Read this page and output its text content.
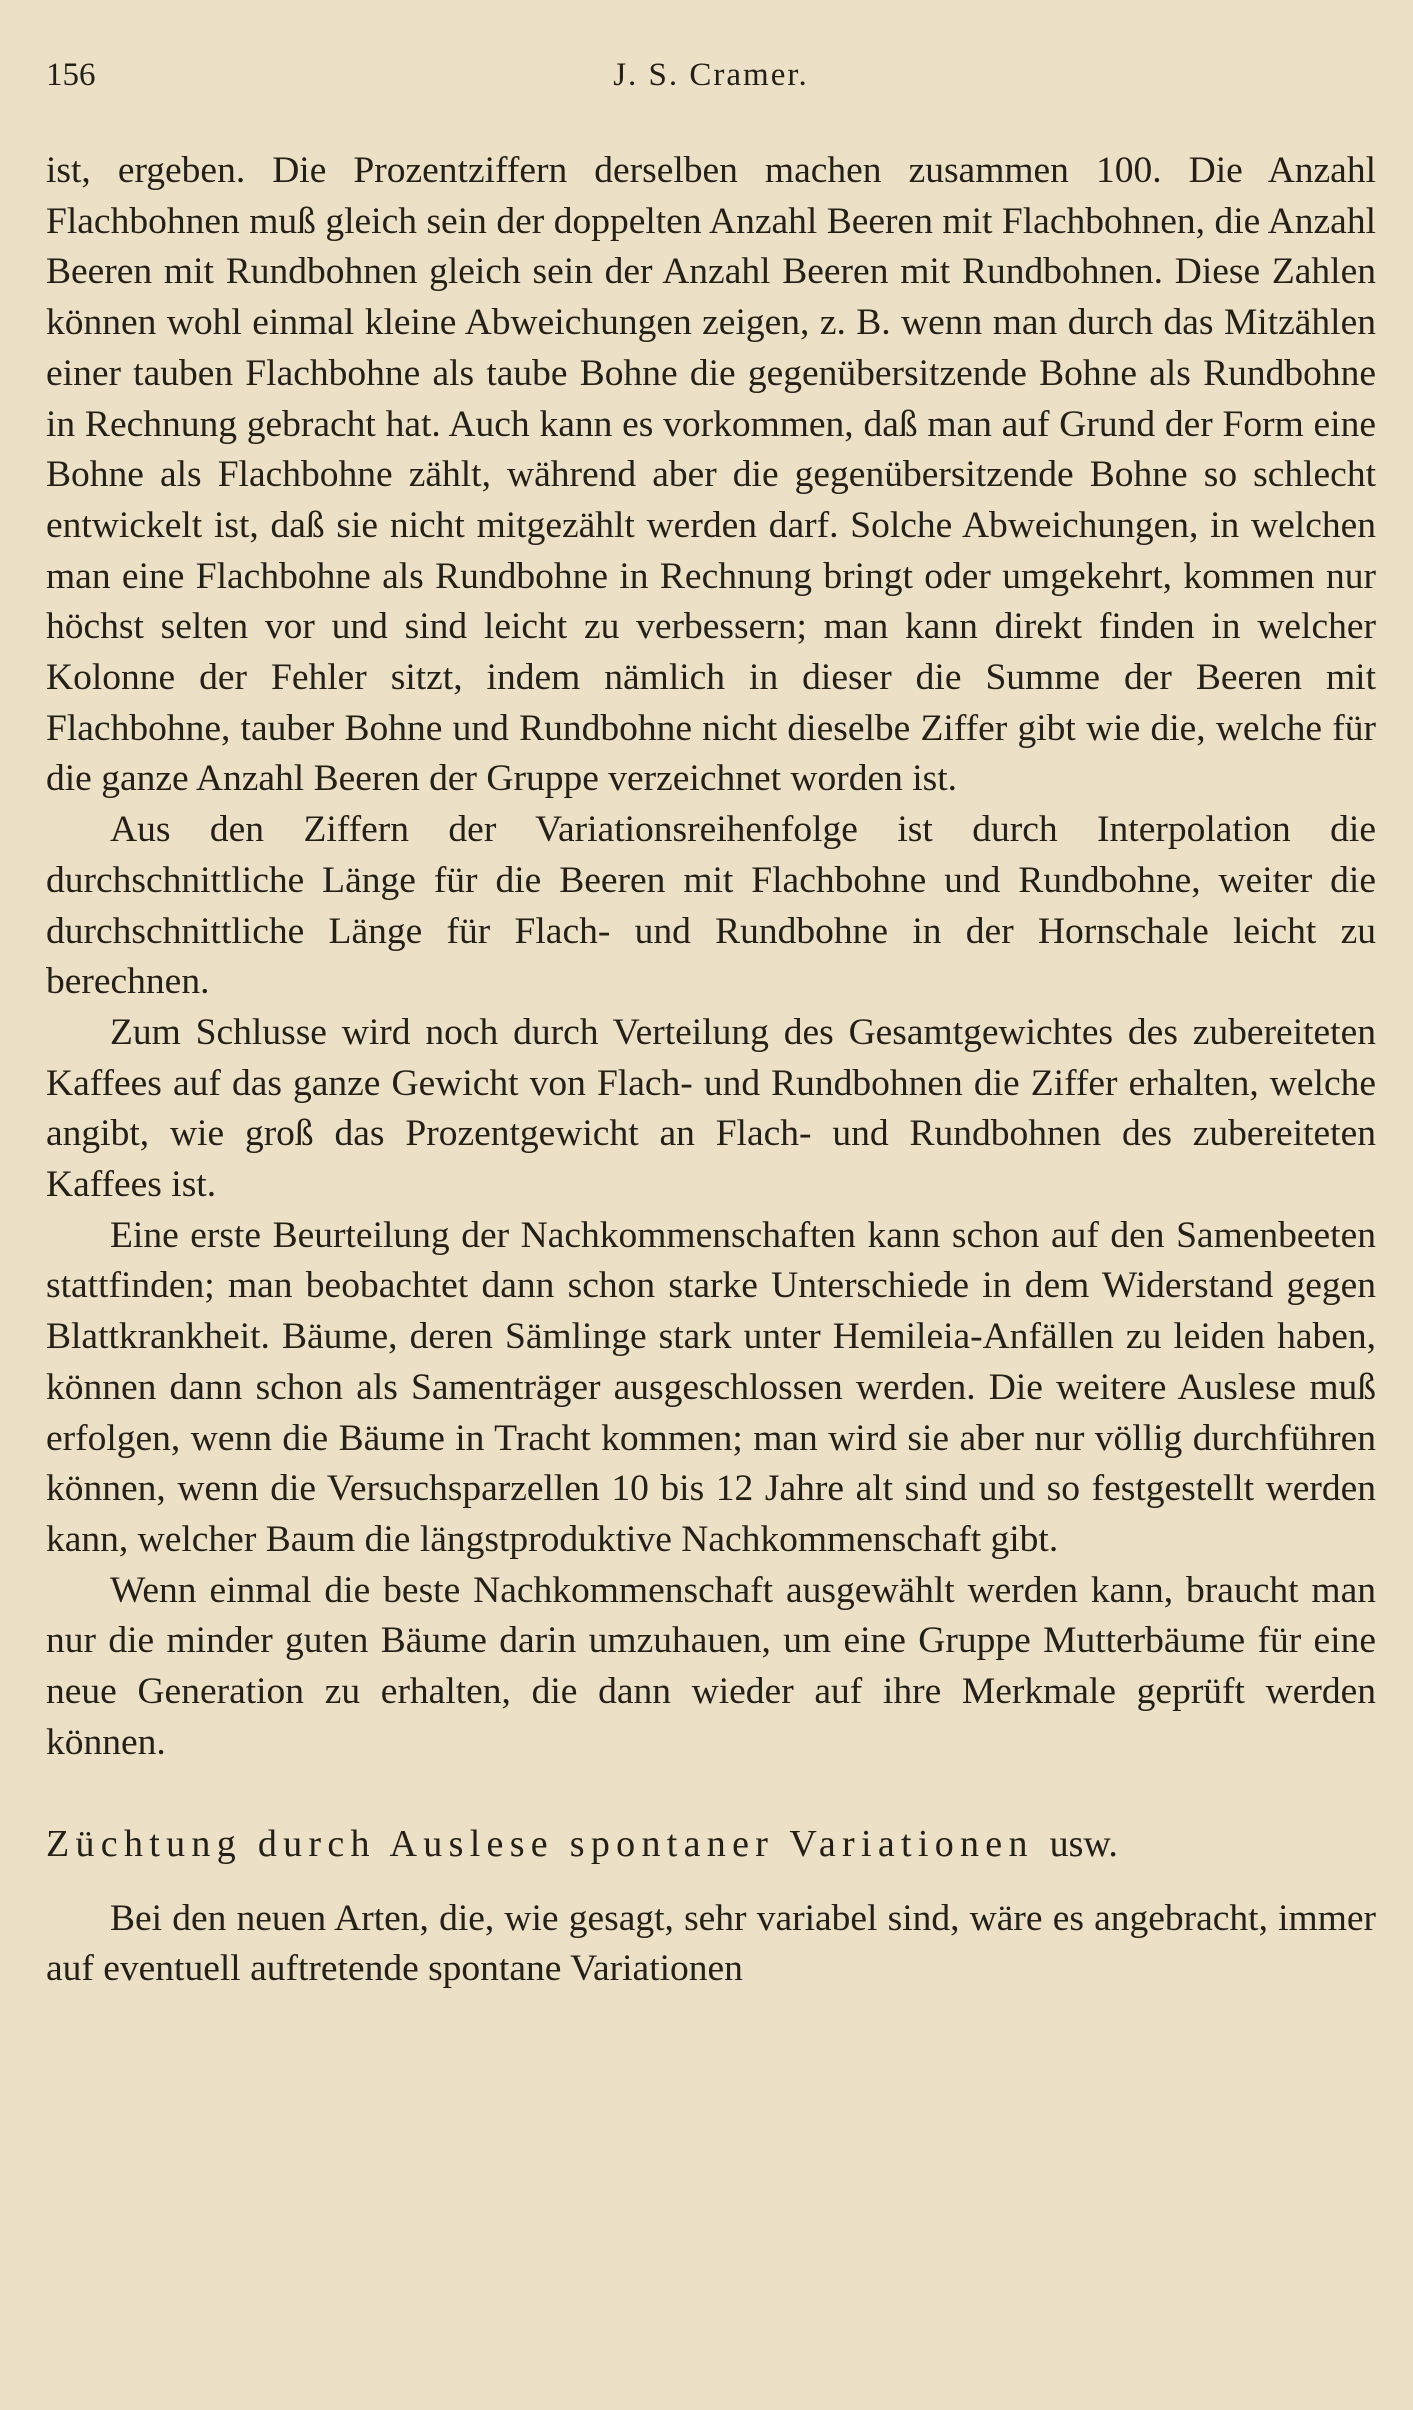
156	J. S. Cramer.

ist, ergeben. Die Prozentziffern derselben machen zusammen 100. Die Anzahl Flachbohnen muß gleich sein der doppelten Anzahl Beeren mit Flachbohnen, die Anzahl Beeren mit Rundbohnen gleich sein der Anzahl Beeren mit Rundbohnen. Diese Zahlen können wohl einmal kleine Abweichungen zeigen, z. B. wenn man durch das Mitzählen einer tauben Flachbohne als taube Bohne die gegenübersitzende Bohne als Rundbohne in Rechnung gebracht hat. Auch kann es vorkommen, daß man auf Grund der Form eine Bohne als Flachbohne zählt, während aber die gegenübersitzende Bohne so schlecht entwickelt ist, daß sie nicht mitgezählt werden darf. Solche Abweichungen, in welchen man eine Flachbohne als Rundbohne in Rechnung bringt oder umgekehrt, kommen nur höchst selten vor und sind leicht zu verbessern; man kann direkt finden in welcher Kolonne der Fehler sitzt, indem nämlich in dieser die Summe der Beeren mit Flachbohne, tauber Bohne und Rundbohne nicht dieselbe Ziffer gibt wie die, welche für die ganze Anzahl Beeren der Gruppe verzeichnet worden ist.

Aus den Ziffern der Variationsreihenfolge ist durch Interpolation die durchschnittliche Länge für die Beeren mit Flachbohne und Rundbohne, weiter die durchschnittliche Länge für Flach- und Rundbohne in der Hornschale leicht zu berechnen.

Zum Schlusse wird noch durch Verteilung des Gesamtgewichtes des zubereiteten Kaffees auf das ganze Gewicht von Flach- und Rundbohnen die Ziffer erhalten, welche angibt, wie groß das Prozentgewicht an Flach- und Rundbohnen des zubereiteten Kaffees ist.

Eine erste Beurteilung der Nachkommenschaften kann schon auf den Samenbeeten stattfinden; man beobachtet dann schon starke Unterschiede in dem Widerstand gegen Blattkrankheit. Bäume, deren Sämlinge stark unter Hemileia-Anfällen zu leiden haben, können dann schon als Samenträger ausgeschlossen werden. Die weitere Auslese muß erfolgen, wenn die Bäume in Tracht kommen; man wird sie aber nur völlig durchführen können, wenn die Versuchsparzellen 10 bis 12 Jahre alt sind und so festgestellt werden kann, welcher Baum die längstproduktive Nachkommenschaft gibt.

Wenn einmal die beste Nachkommenschaft ausgewählt werden kann, braucht man nur die minder guten Bäume darin umzuhauen, um eine Gruppe Mutterbäume für eine neue Generation zu erhalten, die dann wieder auf ihre Merkmale geprüft werden können.

Züchtung durch Auslese spontaner Variationen usw.

Bei den neuen Arten, die, wie gesagt, sehr variabel sind, wäre es angebracht, immer auf eventuell auftretende spontane Variationen
